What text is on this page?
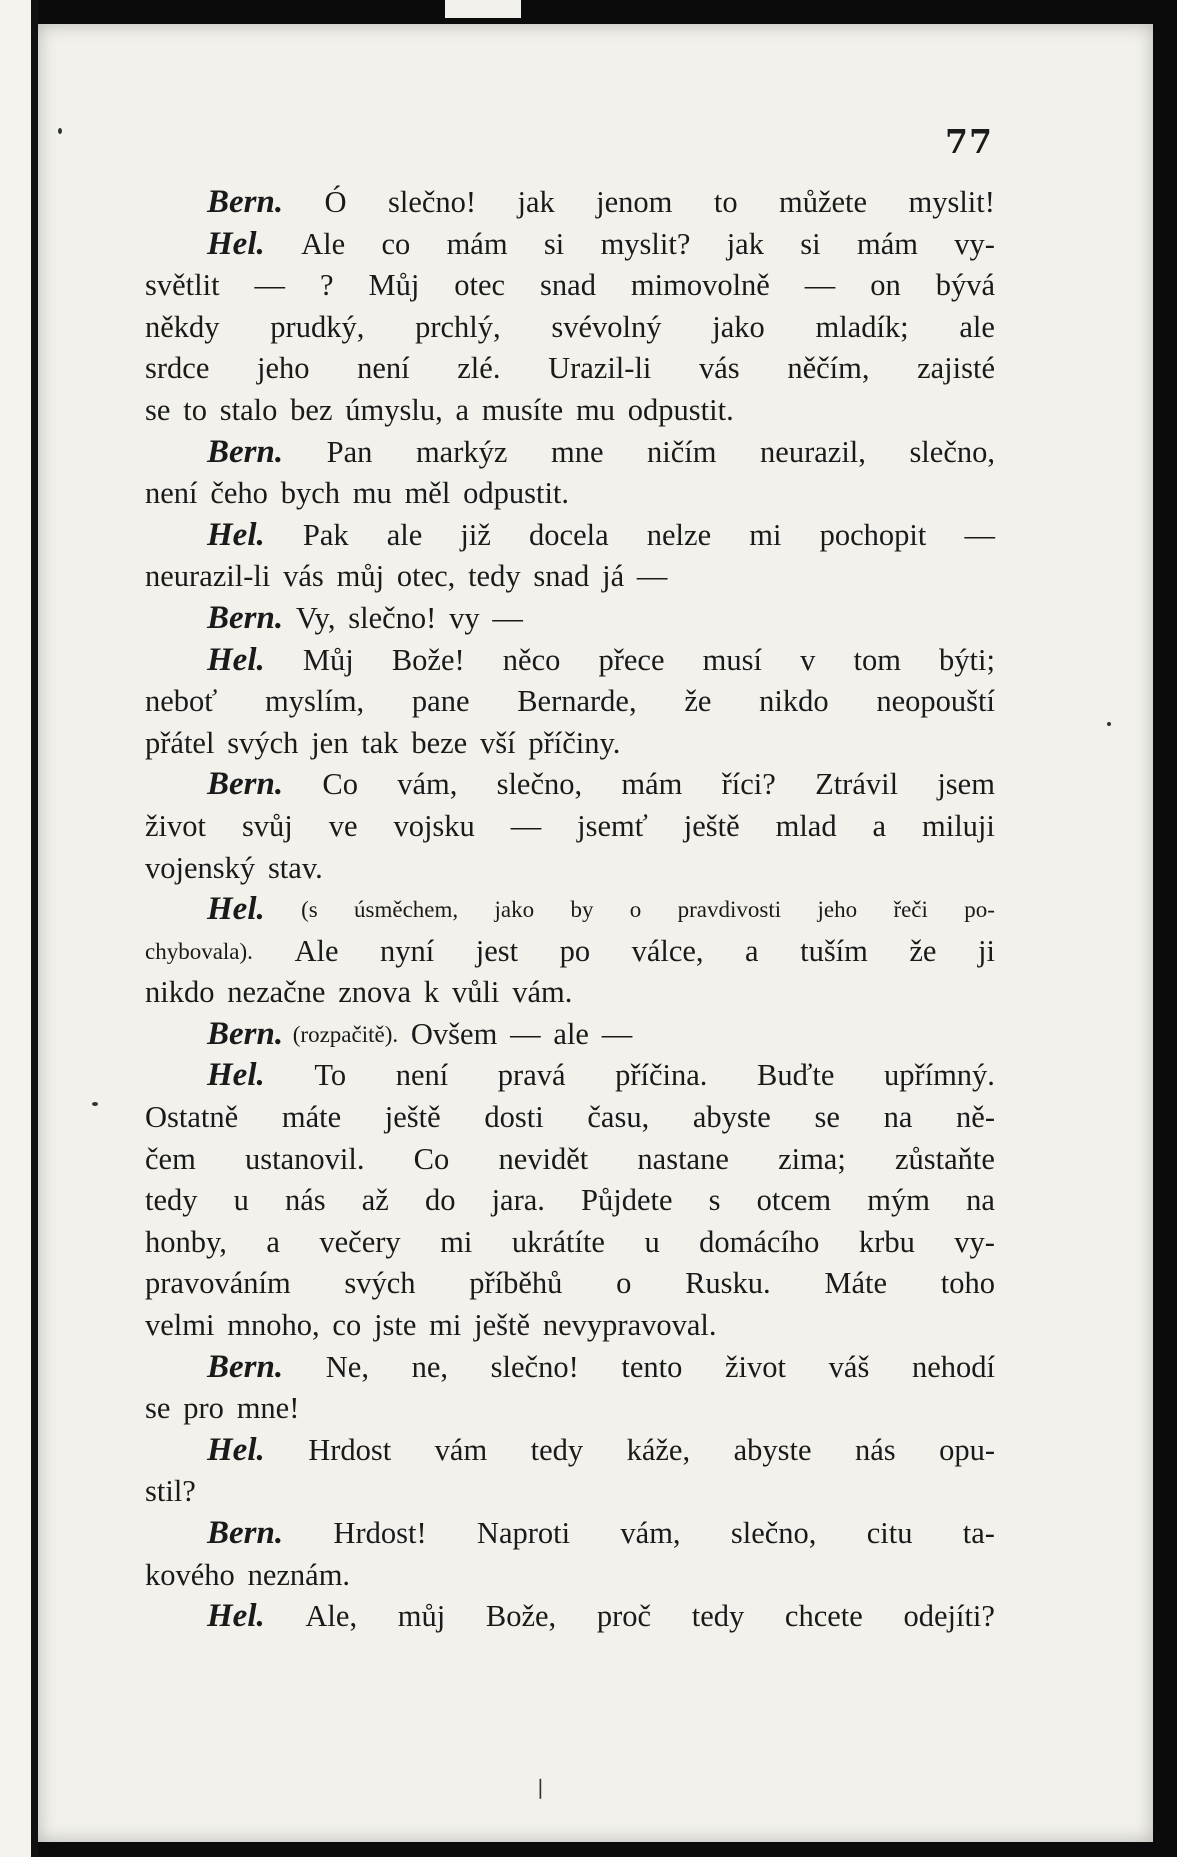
77
Bern. Ó slečno! jak jenom to můžete myslit!
Hel. Ale co mám si myslit? jak si mám vy-
světlit — ? Můj otec snad mimovolně — on bývá
někdy prudký, prchlý, svévolný jako mladík; ale
srdce jeho není zlé. Urazil-li vás něčím, zajisté
se to stalo bez úmyslu, a musíte mu odpustit.
Bern. Pan markýz mne ničím neurazil, slečno,
není čeho bych mu měl odpustit.
Hel. Pak ale již docela nelze mi pochopit —
neurazil-li vás můj otec, tedy snad já —
Bern. Vy, slečno! vy —
Hel. Můj Bože! něco přece musí v tom býti;
neboť myslím, pane Bernarde, že nikdo neopouští
přátel svých jen tak beze vší příčiny.
Bern. Co vám, slečno, mám říci? Ztrávil jsem
život svůj ve vojsku — jsemť ještě mlad a miluji
vojenský stav.
Hel. (s úsměchem, jako by o pravdivosti jeho řeči po-
chybovala). Ale nyní jest po válce, a tuším že ji
nikdo nezačne znova k vůli vám.
Bern. (rozpačitě). Ovšem — ale —
Hel. To není pravá příčina. Buďte upřímný.
Ostatně máte ještě dosti času, abyste se na ně-
čem ustanovil. Co nevidět nastane zima; zůstaňte
tedy u nás až do jara. Půjdete s otcem mým na
honby, a večery mi ukrátíte u domácího krbu vy-
pravováním svých příběhů o Rusku. Máte toho
velmi mnoho, co jste mi ještě nevypravoval.
Bern. Ne, ne, slečno! tento život váš nehodí
se pro mne!
Hel. Hrdost vám tedy káže, abyste nás opu-
stil?
Bern. Hrdost! Naproti vám, slečno, citu ta-
kového neznám.
Hel. Ale, můj Bože, proč tedy chcete odejíti?
❘
